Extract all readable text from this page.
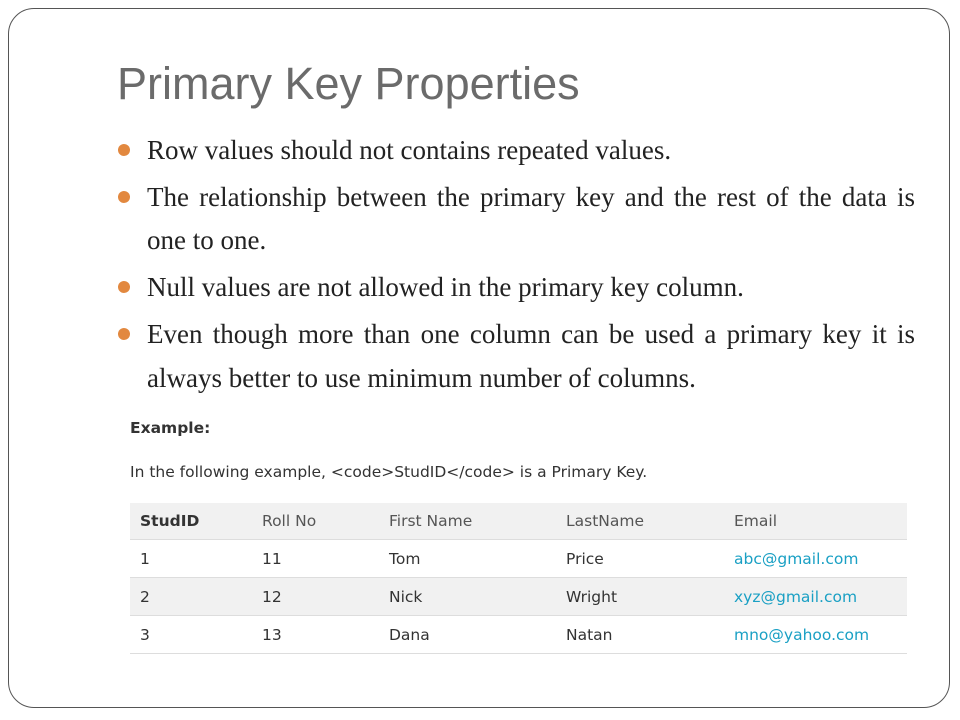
Primary Key Properties
Row values should not contains repeated values.
The relationship between the primary key and the rest of the data is one to one.
Null values are not allowed in the primary key column.
Even though more than one column can be used a primary key it is always better to use minimum number of columns.
Example:
In the following example, <code>StudID</code> is a Primary Key.
StudID	Roll No	First Name	LastName	Email
1	11	Tom	Price	abc@gmail.com
2	12	Nick	Wright	xyz@gmail.com
3	13	Dana	Natan	mno@yahoo.com
